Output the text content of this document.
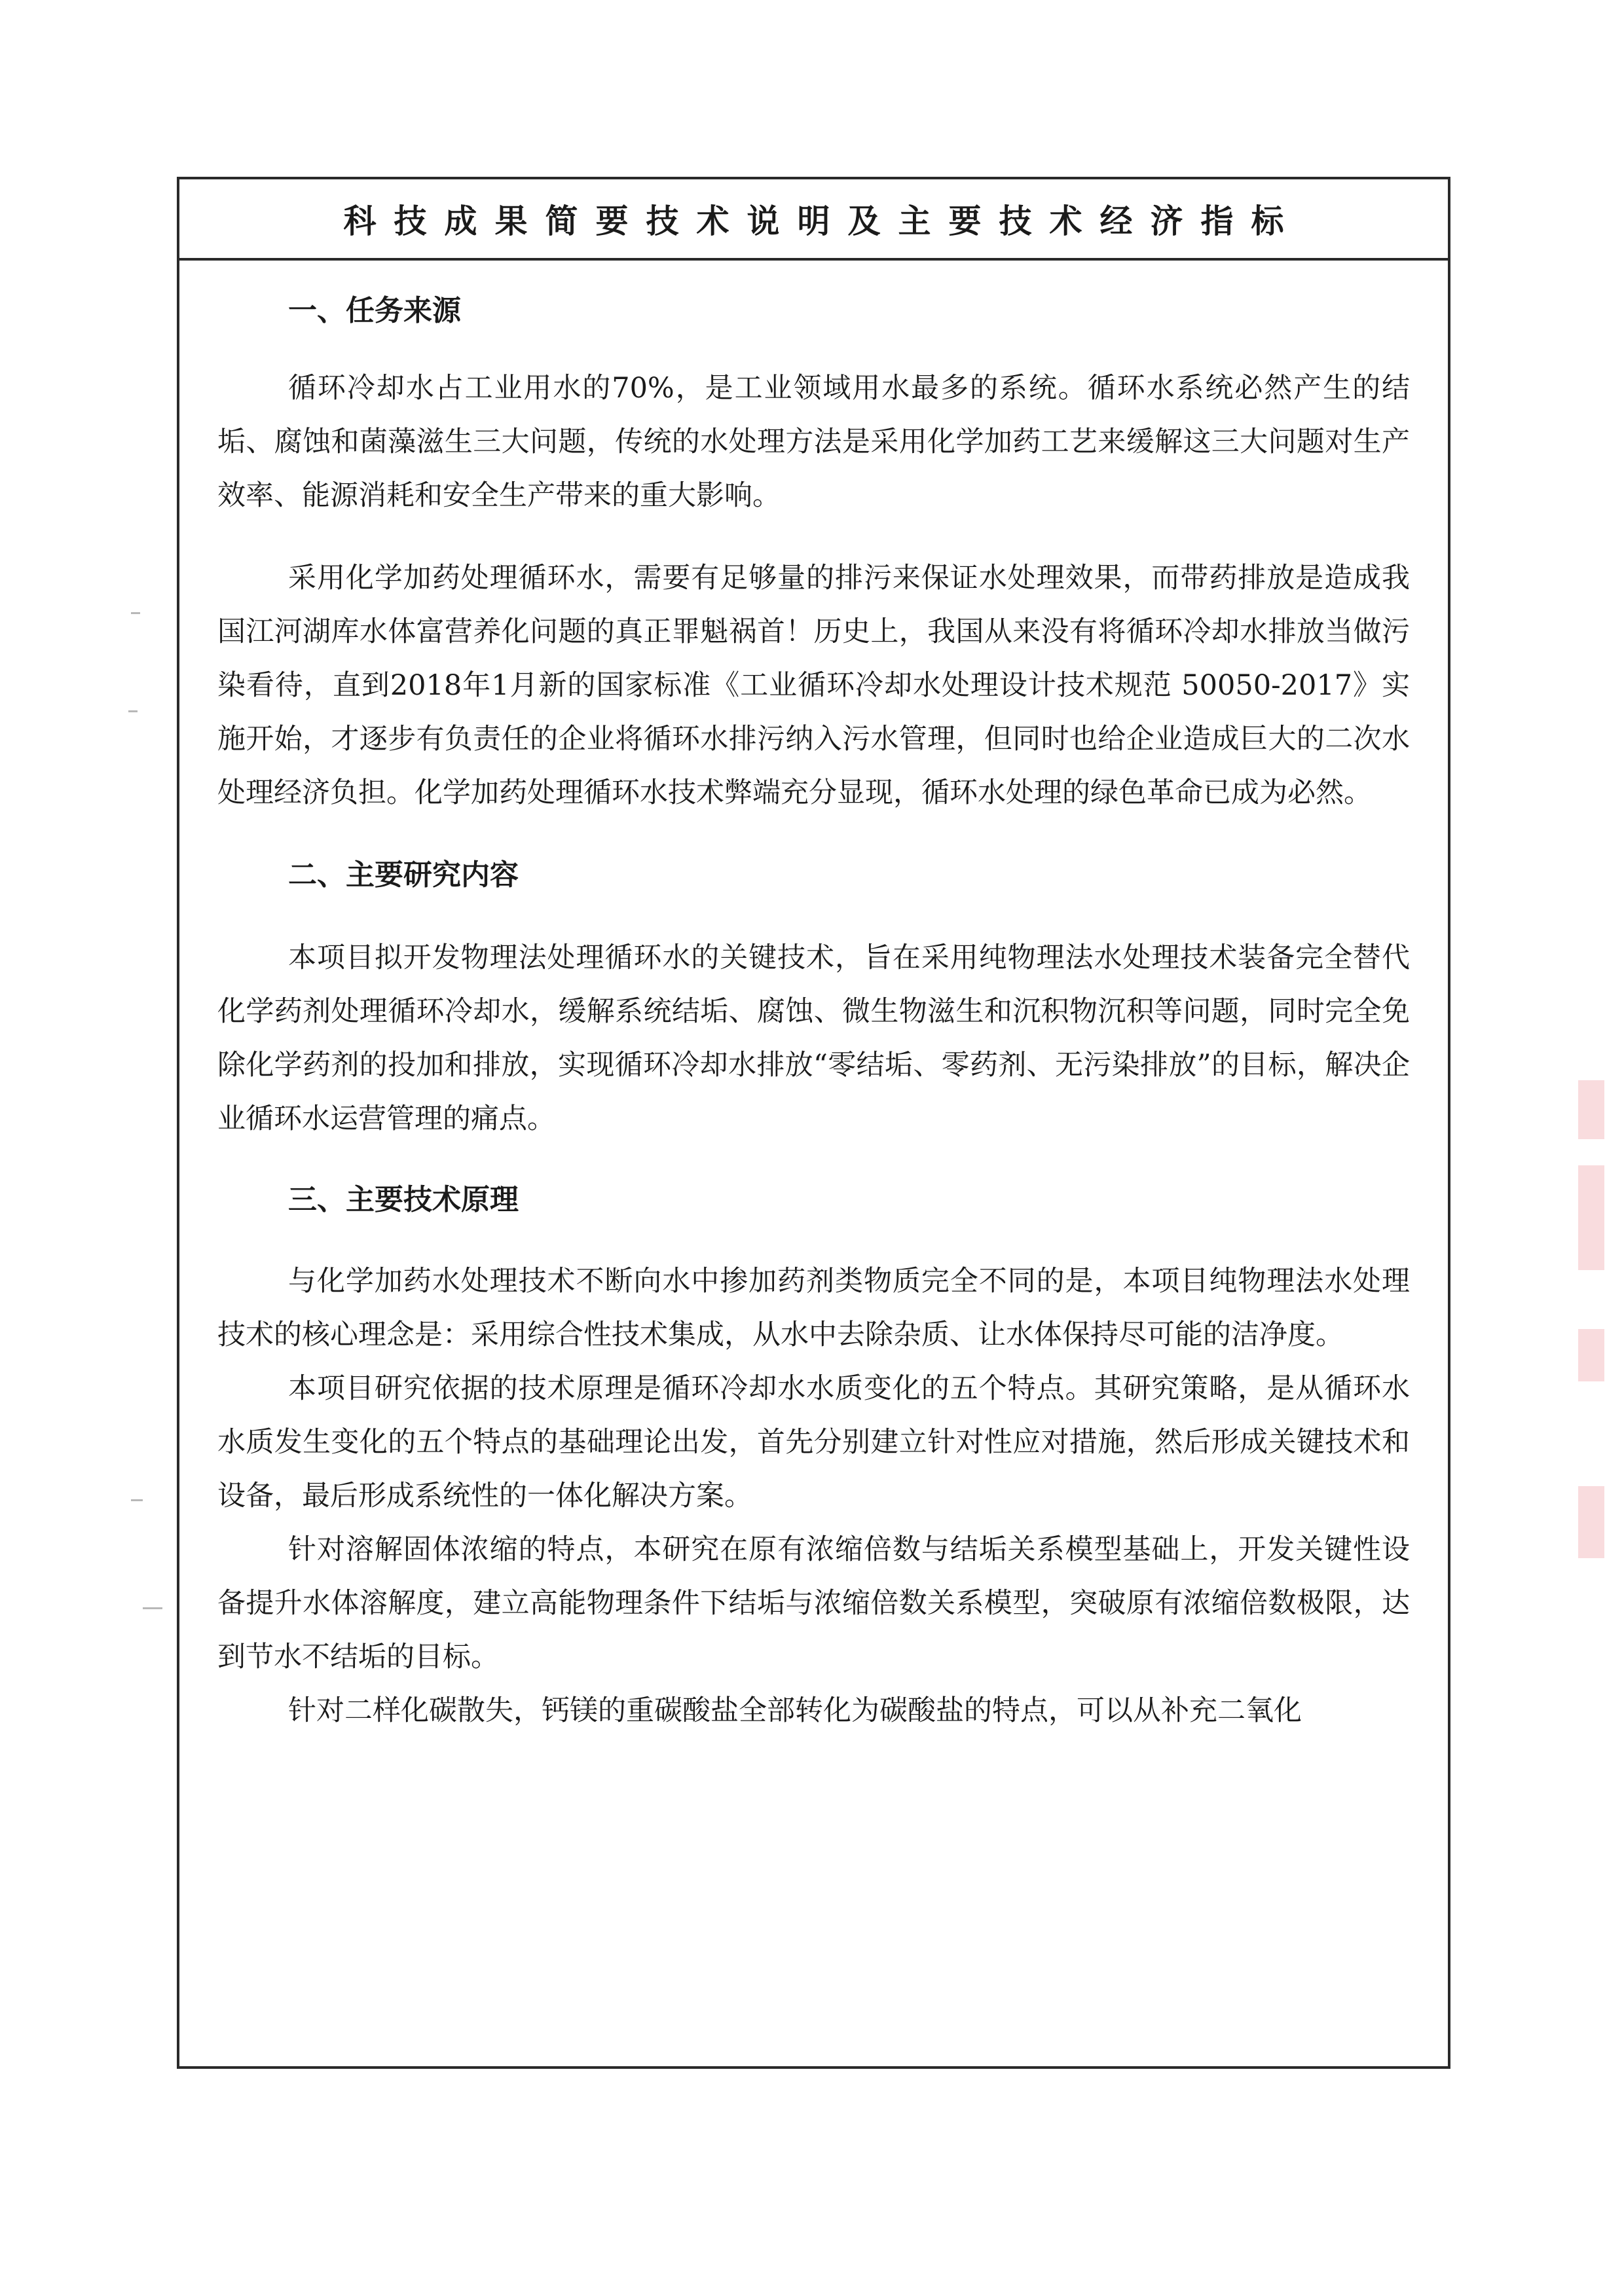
科技成果简要技术说明及主要技术经济指标
一、任务来源

循环冷却水占工业用水的70%，是工业领域用水最多的系统。循环水系统必然产生的结垢、腐蚀和菌藻滋生三大问题，传统的水处理方法是采用化学加药工艺来缓解这三大问题对生产效率、能源消耗和安全生产带来的重大影响。

采用化学加药处理循环水，需要有足够量的排污来保证水处理效果，而带药排放是造成我国江河湖库水体富营养化问题的真正罪魁祸首！历史上，我国从来没有将循环冷却水排放当做污染看待，直到2018年1月新的国家标准《工业循环冷却水处理设计技术规范 50050-2017》实施开始，才逐步有负责任的企业将循环水排污纳入污水管理，但同时也给企业造成巨大的二次水处理经济负担。化学加药处理循环水技术弊端充分显现，循环水处理的绿色革命已成为必然。

二、主要研究内容

本项目拟开发物理法处理循环水的关键技术，旨在采用纯物理法水处理技术装备完全替代化学药剂处理循环冷却水，缓解系统结垢、腐蚀、微生物滋生和沉积物沉积等问题，同时完全免除化学药剂的投加和排放，实现循环冷却水排放“零结垢、零药剂、无污染排放”的目标，解决企业循环水运营管理的痛点。

三、主要技术原理

与化学加药水处理技术不断向水中掺加药剂类物质完全不同的是，本项目纯物理法水处理技术的核心理念是：采用综合性技术集成，从水中去除杂质、让水体保持尽可能的洁净度。

本项目研究依据的技术原理是循环冷却水水质变化的五个特点。其研究策略，是从循环水水质发生变化的五个特点的基础理论出发，首先分别建立针对性应对措施，然后形成关键技术和设备，最后形成系统性的一体化解决方案。

针对溶解固体浓缩的特点，本研究在原有浓缩倍数与结垢关系模型基础上，开发关键性设备提升水体溶解度，建立高能物理条件下结垢与浓缩倍数关系模型，突破原有浓缩倍数极限，达到节水不结垢的目标。

针对二样化碳散失，钙镁的重碳酸盐全部转化为碳酸盐的特点，可以从补充二氧化
